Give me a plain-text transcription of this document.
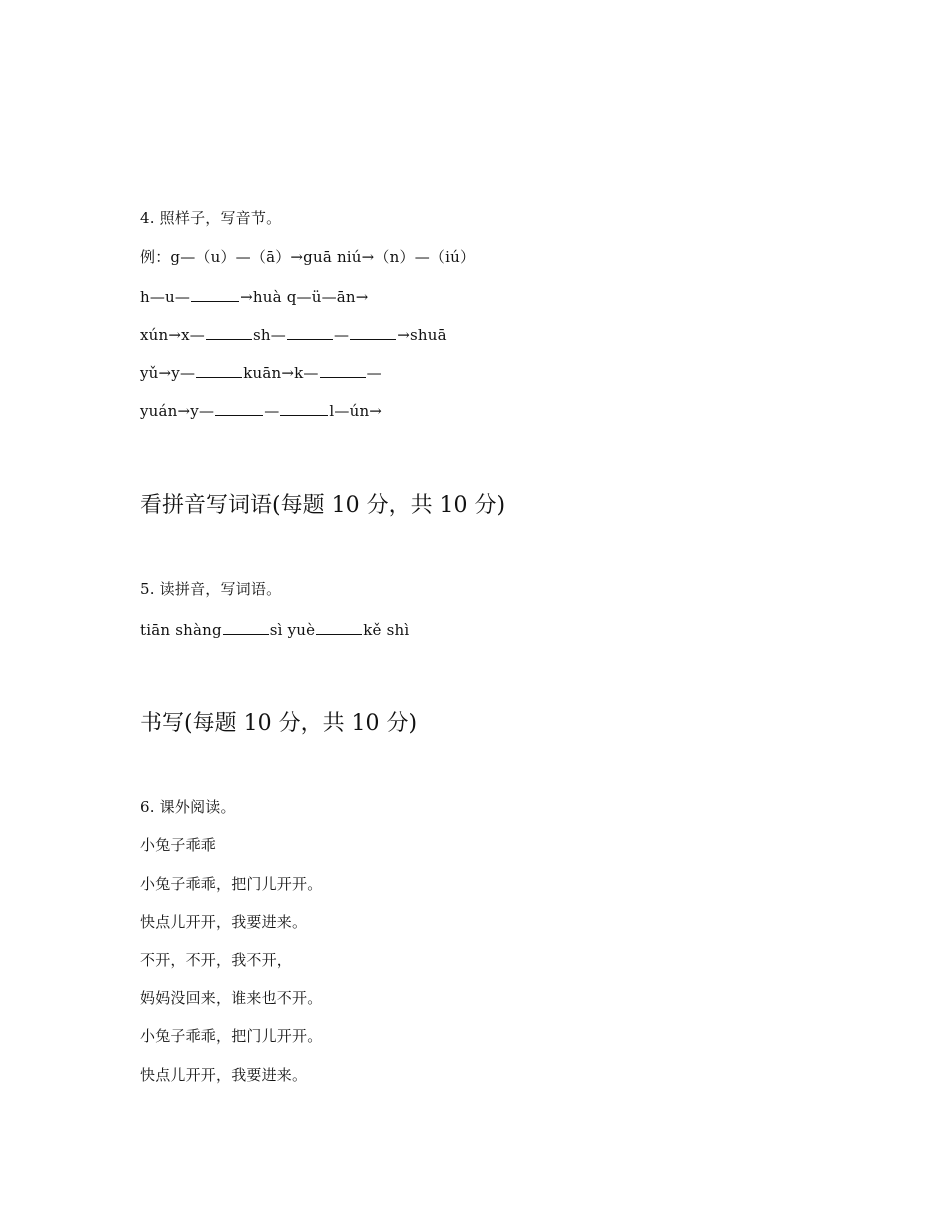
4. 照样子，写音节。
例：g—（u）—（ā）→guā niú→（n）—（iú）
h—u—	→huà q—ü—ān→
xún→x—	sh—	—	→shuā
yǔ→y—	kuān→k—	—
yuán→y—	—	l—ún→
看拼音写词语(每题 10 分，共 10 分)
5. 读拼音，写词语。
tiān shàng	sì yuè	kě shì
书写(每题 10 分，共 10 分)
6. 课外阅读。
小兔子乖乖
小兔子乖乖，把门儿开开。
快点儿开开，我要进来。
不开，不开，我不开，
妈妈没回来，谁来也不开。
小兔子乖乖，把门儿开开。
快点儿开开，我要进来。
